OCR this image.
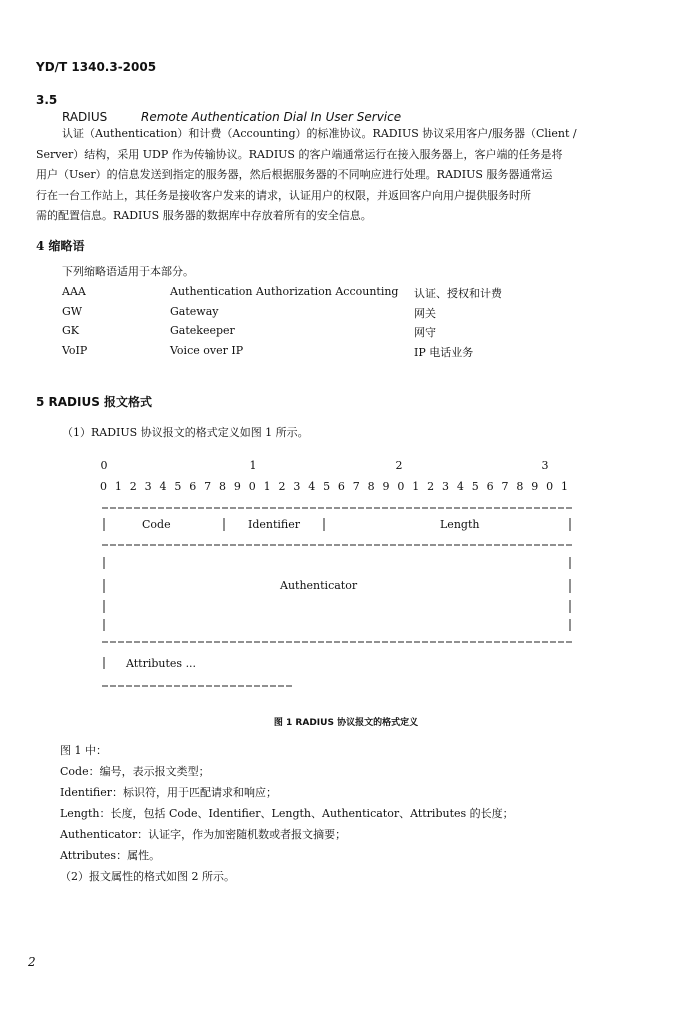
YD/T 1340.3-2005
3.5
RADIUS	Remote Authentication Dial In User Service
认证（Authentication）和计费（Accounting）的标准协议。RADIUS 协议采用客户/服务器（Client /
Server）结构，采用 UDP 作为传输协议。RADIUS 的客户端通常运行在接入服务器上，客户端的任务是将
用户（User）的信息发送到指定的服务器，然后根据服务器的不同响应进行处理。RADIUS 服务器通常运
行在一台工作站上，其任务是接收客户发来的请求，认证用户的权限，并返回客户向用户提供服务时所
需的配置信息。RADIUS 服务器的数据库中存放着所有的安全信息。
4 缩略语
下列缩略语适用于本部分。
AAA	Authentication Authorization Accounting 认证、授权和计费
GW	Gateway	网关
GK	Gatekeeper	网守
VoIP	Voice over IP	IP 电话业务
5 RADIUS 报文格式
（1）RADIUS 协议报文的格式定义如图 1 所示。
0	1	2	3
0 1 2 3 4 5 6 7 8 9 0 1 2 3 4 5 6 7 8 9 0 1 2 3 4 5 6 7 8 9 0 1
Code	Identifier	Length
Authenticator
Attributes ...
图 1 RADIUS 协议报文的格式定义
图 1 中：
Code：编号，表示报文类型；
Identifier：标识符，用于匹配请求和响应；
Length：长度，包括 Code、Identifier、Length、Authenticator、Attributes 的长度；
Authenticator：认证字，作为加密随机数或者报文摘要；
Attributes：属性。
（2）报文属性的格式如图 2 所示。
2
